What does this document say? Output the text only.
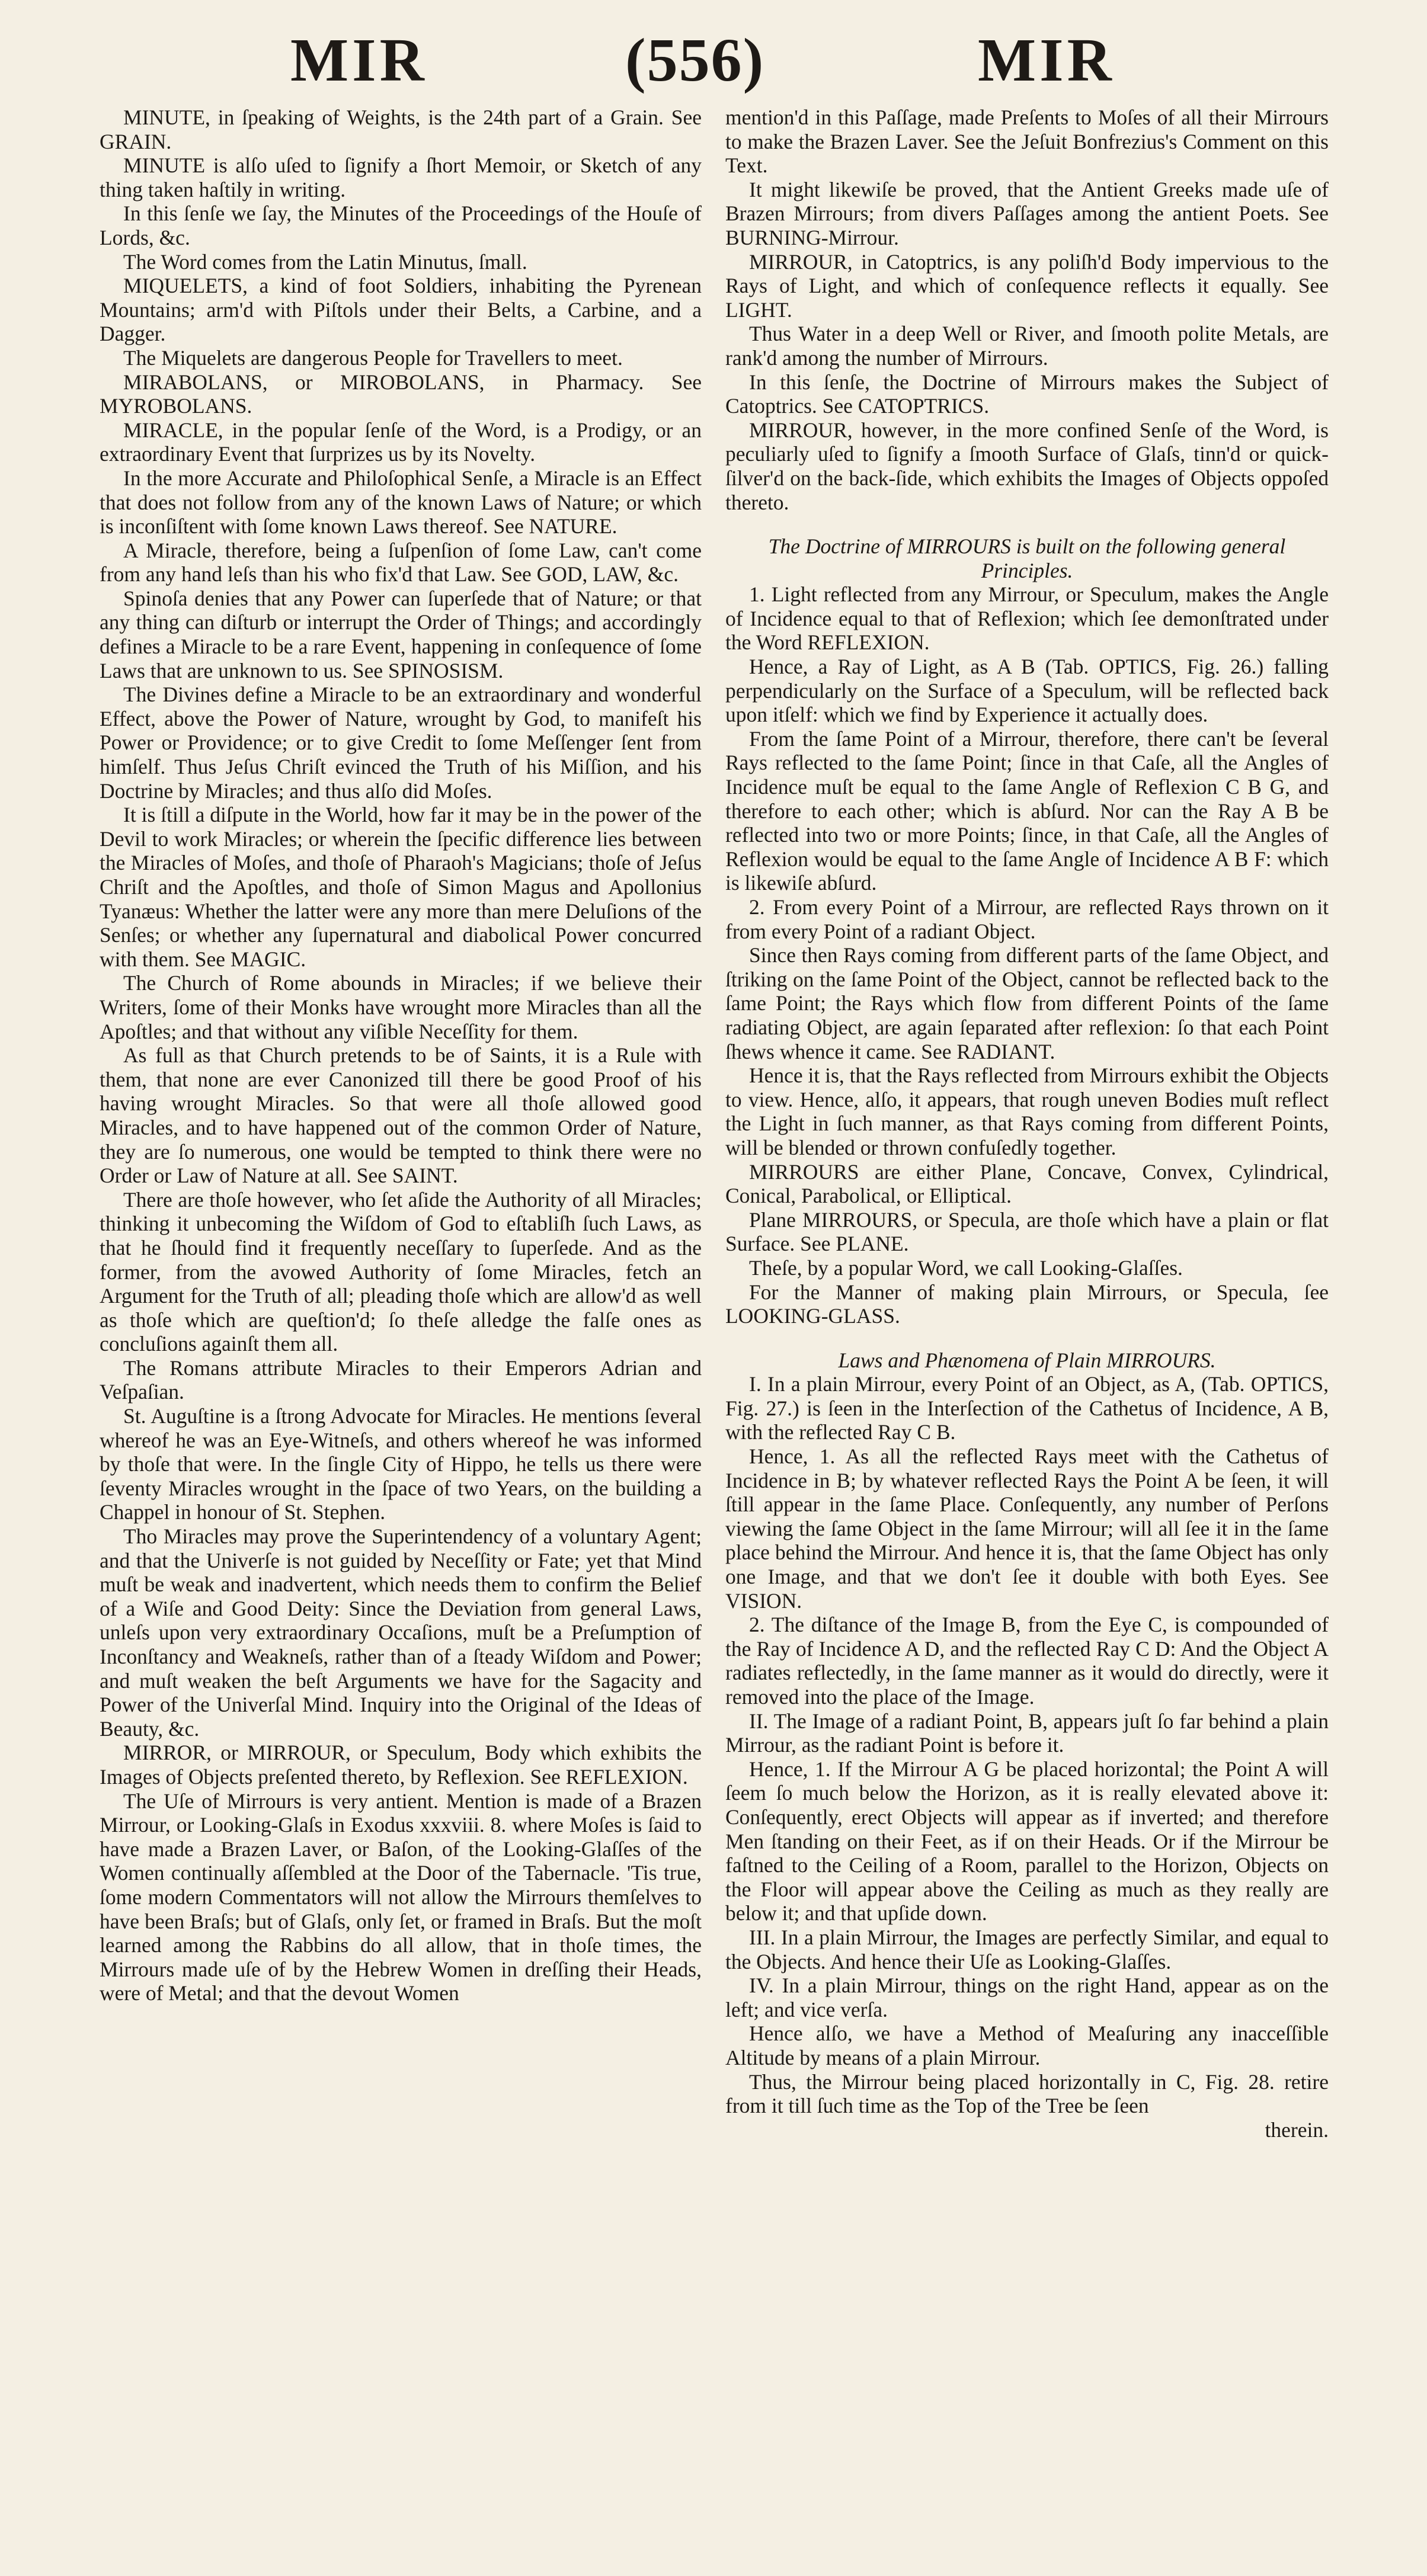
MIR	(556)	MIR

MINUTE, in ſpeaking of Weights, is the 24th part of a Grain. See GRAIN.

MINUTE is alſo uſed to ſignify a ſhort Memoir, or Sketch of any thing taken haſtily in writing.

In this ſenſe we ſay, the Minutes of the Proceedings of the Houſe of Lords, &c.

The Word comes from the Latin Minutus, ſmall.

MIQUELETS, a kind of foot Soldiers, inhabiting the Pyrenean Mountains; arm'd with Piſtols under their Belts, a Carbine, and a Dagger.

The Miquelets are dangerous People for Travellers to meet.

MIRABOLANS, or MIROBOLANS, in Pharmacy. See MYROBOLANS.

MIRACLE, in the popular ſenſe of the Word, is a Prodigy, or an extraordinary Event that ſurprizes us by its Novelty.

In the more Accurate and Philoſophical Senſe, a Miracle is an Effect that does not follow from any of the known Laws of Nature; or which is inconſiſtent with ſome known Laws thereof. See NATURE.

A Miracle, therefore, being a ſuſpenſion of ſome Law, can't come from any hand leſs than his who fix'd that Law. See GOD, LAW, &c.

Spinoſa denies that any Power can ſuperſede that of Nature; or that any thing can diſturb or interrupt the Order of Things; and accordingly defines a Miracle to be a rare Event, happening in conſequence of ſome Laws that are unknown to us. See SPINOSISM.

The Divines define a Miracle to be an extraordinary and wonderful Effect, above the Power of Nature, wrought by God, to manifeſt his Power or Providence; or to give Credit to ſome Meſſenger ſent from himſelf. Thus Jeſus Chriſt evinced the Truth of his Miſſion, and his Doctrine by Miracles; and thus alſo did Moſes.

It is ſtill a diſpute in the World, how far it may be in the power of the Devil to work Miracles; or wherein the ſpecific difference lies between the Miracles of Moſes, and thoſe of Pharaoh's Magicians; thoſe of Jeſus Chriſt and the Apoſtles, and thoſe of Simon Magus and Apollonius Tyanæus: Whether the latter were any more than mere Deluſions of the Senſes; or whether any ſupernatural and diabolical Power concurred with them. See MAGIC.

The Church of Rome abounds in Miracles; if we believe their Writers, ſome of their Monks have wrought more Miracles than all the Apoſtles; and that without any viſible Neceſſity for them.

As full as that Church pretends to be of Saints, it is a Rule with them, that none are ever Canonized till there be good Proof of his having wrought Miracles. So that were all thoſe allowed good Miracles, and to have happened out of the common Order of Nature, they are ſo numerous, one would be tempted to think there were no Order or Law of Nature at all. See SAINT.

There are thoſe however, who ſet aſide the Authority of all Miracles; thinking it unbecoming the Wiſdom of God to eſtabliſh ſuch Laws, as that he ſhould find it frequently neceſſary to ſuperſede. And as the former, from the avowed Authority of ſome Miracles, fetch an Argument for the Truth of all; pleading thoſe which are allow'd as well as thoſe which are queſtion'd; ſo theſe alledge the falſe ones as concluſions againſt them all.

The Romans attribute Miracles to their Emperors Adrian and Veſpaſian.

St. Auguſtine is a ſtrong Advocate for Miracles. He mentions ſeveral whereof he was an Eye-Witneſs, and others whereof he was informed by thoſe that were. In the ſingle City of Hippo, he tells us there were ſeventy Miracles wrought in the ſpace of two Years, on the building a Chappel in honour of St. Stephen.

Tho Miracles may prove the Superintendency of a voluntary Agent; and that the Univerſe is not guided by Neceſſity or Fate; yet that Mind muſt be weak and inadvertent, which needs them to confirm the Belief of a Wiſe and Good Deity: Since the Deviation from general Laws, unleſs upon very extraordinary Occaſions, muſt be a Preſumption of Inconſtancy and Weakneſs, rather than of a ſteady Wiſdom and Power; and muſt weaken the beſt Arguments we have for the Sagacity and Power of the Univerſal Mind. Inquiry into the Original of the Ideas of Beauty, &c.

MIRROR, or MIRROUR, or Speculum, Body which exhibits the Images of Objects preſented thereto, by Reflexion. See REFLEXION.

The Uſe of Mirrours is very antient. Mention is made of a Brazen Mirrour, or Looking-Glaſs in Exodus xxxviii. 8. where Moſes is ſaid to have made a Brazen Laver, or Baſon, of the Looking-Glaſſes of the Women continually aſſembled at the Door of the Tabernacle. 'Tis true, ſome modern Commentators will not allow the Mirrours themſelves to have been Braſs; but of Glaſs, only ſet, or framed in Braſs. But the moſt learned among the Rabbins do all allow, that in thoſe times, the Mirrours made uſe of by the Hebrew Women in dreſſing their Heads, were of Metal; and that the devout Women

mention'd in this Paſſage, made Preſents to Moſes of all their Mirrours to make the Brazen Laver. See the Jeſuit Bonfrezius's Comment on this Text.

It might likewiſe be proved, that the Antient Greeks made uſe of Brazen Mirrours; from divers Paſſages among the antient Poets. See BURNING-Mirrour.

MIRROUR, in Catoptrics, is any poliſh'd Body impervious to the Rays of Light, and which of conſequence reflects it equally. See LIGHT.

Thus Water in a deep Well or River, and ſmooth polite Metals, are rank'd among the number of Mirrours.

In this ſenſe, the Doctrine of Mirrours makes the Subject of Catoptrics. See CATOPTRICS.

MIRROUR, however, in the more confined Senſe of the Word, is peculiarly uſed to ſignify a ſmooth Surface of Glaſs, tinn'd or quick-ſilver'd on the back-ſide, which exhibits the Images of Objects oppoſed thereto.

The Doctrine of MIRROURS is built on the following general Principles.

1. Light reflected from any Mirrour, or Speculum, makes the Angle of Incidence equal to that of Reflexion; which ſee demonſtrated under the Word REFLEXION.

Hence, a Ray of Light, as A B (Tab. OPTICS, Fig. 26.) falling perpendicularly on the Surface of a Speculum, will be reflected back upon itſelf: which we find by Experience it actually does.

From the ſame Point of a Mirrour, therefore, there can't be ſeveral Rays reflected to the ſame Point; ſince in that Caſe, all the Angles of Incidence muſt be equal to the ſame Angle of Reflexion C B G, and therefore to each other; which is abſurd. Nor can the Ray A B be reflected into two or more Points; ſince, in that Caſe, all the Angles of Reflexion would be equal to the ſame Angle of Incidence A B F: which is likewiſe abſurd.

2. From every Point of a Mirrour, are reflected Rays thrown on it from every Point of a radiant Object.

Since then Rays coming from different parts of the ſame Object, and ſtriking on the ſame Point of the Object, cannot be reflected back to the ſame Point; the Rays which flow from different Points of the ſame radiating Object, are again ſeparated after reflexion: ſo that each Point ſhews whence it came. See RADIANT.

Hence it is, that the Rays reflected from Mirrours exhibit the Objects to view. Hence, alſo, it appears, that rough uneven Bodies muſt reflect the Light in ſuch manner, as that Rays coming from different Points, will be blended or thrown confuſedly together.

MIRROURS are either Plane, Concave, Convex, Cylindrical, Conical, Parabolical, or Elliptical.

Plane MIRROURS, or Specula, are thoſe which have a plain or flat Surface. See PLANE.

Theſe, by a popular Word, we call Looking-Glaſſes.

For the Manner of making plain Mirrours, or Specula, ſee LOOKING-GLASS.

Laws and Phænomena of Plain MIRROURS.

I. In a plain Mirrour, every Point of an Object, as A, (Tab. OPTICS, Fig. 27.) is ſeen in the Interſection of the Cathetus of Incidence, A B, with the reflected Ray C B.

Hence, 1. As all the reflected Rays meet with the Cathetus of Incidence in B; by whatever reflected Rays the Point A be ſeen, it will ſtill appear in the ſame Place. Conſequently, any number of Perſons viewing the ſame Object in the ſame Mirrour; will all ſee it in the ſame place behind the Mirrour. And hence it is, that the ſame Object has only one Image, and that we don't ſee it double with both Eyes. See VISION.

2. The diſtance of the Image B, from the Eye C, is compounded of the Ray of Incidence A D, and the reflected Ray C D: And the Object A radiates reflectedly, in the ſame manner as it would do directly, were it removed into the place of the Image.

II. The Image of a radiant Point, B, appears juſt ſo far behind a plain Mirrour, as the radiant Point is before it.

Hence, 1. If the Mirrour A G be placed horizontal; the Point A will ſeem ſo much below the Horizon, as it is really elevated above it: Conſequently, erect Objects will appear as if inverted; and therefore Men ſtanding on their Feet, as if on their Heads. Or if the Mirrour be faſtned to the Ceiling of a Room, parallel to the Horizon, Objects on the Floor will appear above the Ceiling as much as they really are below it; and that upſide down.

III. In a plain Mirrour, the Images are perfectly Similar, and equal to the Objects. And hence their Uſe as Looking-Glaſſes.

IV. In a plain Mirrour, things on the right Hand, appear as on the left; and vice verſa.

Hence alſo, we have a Method of Meaſuring any inacceſſible Altitude by means of a plain Mirrour.

Thus, the Mirrour being placed horizontally in C, Fig. 28. retire from it till ſuch time as the Top of the Tree be ſeen

therein.
